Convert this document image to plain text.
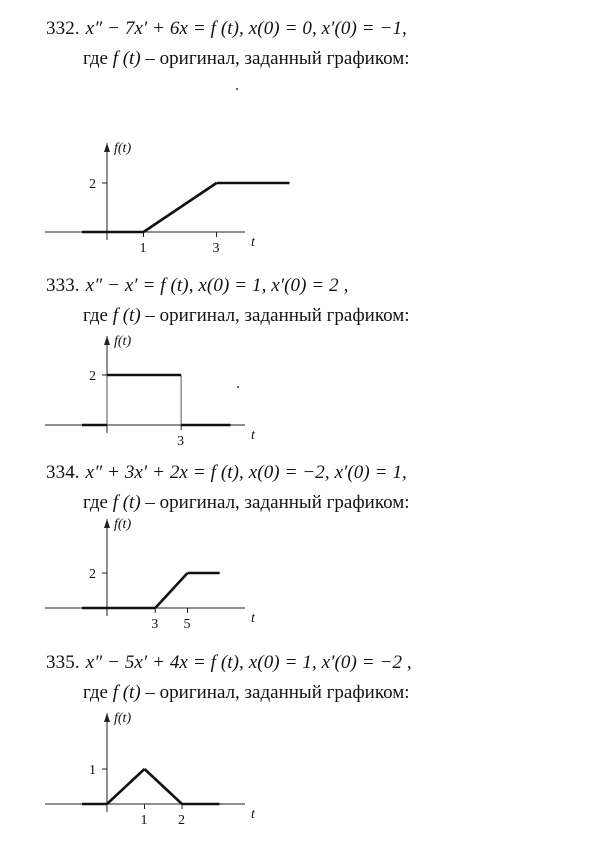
332. x″ − 7x′ + 6x = f (t), x(0) = 0, x′(0) = −1,
где f (t) – оригинал, заданный графиком:
f(t)
t
2
1	3
f(t)
t
2
3
f(t)
t
2
3 5
f(t)
t
1
1 2
333. x″ − x′ = f (t), x(0) = 1, x′(0) = 2 ,
где f (t) – оригинал, заданный графиком:
334. x″ + 3x′ + 2x = f (t), x(0) = −2, x′(0) = 1,
где f (t) – оригинал, заданный графиком:
335. x″ − 5x′ + 4x = f (t), x(0) = 1, x′(0) = −2 ,
где f (t) – оригинал, заданный графиком:
